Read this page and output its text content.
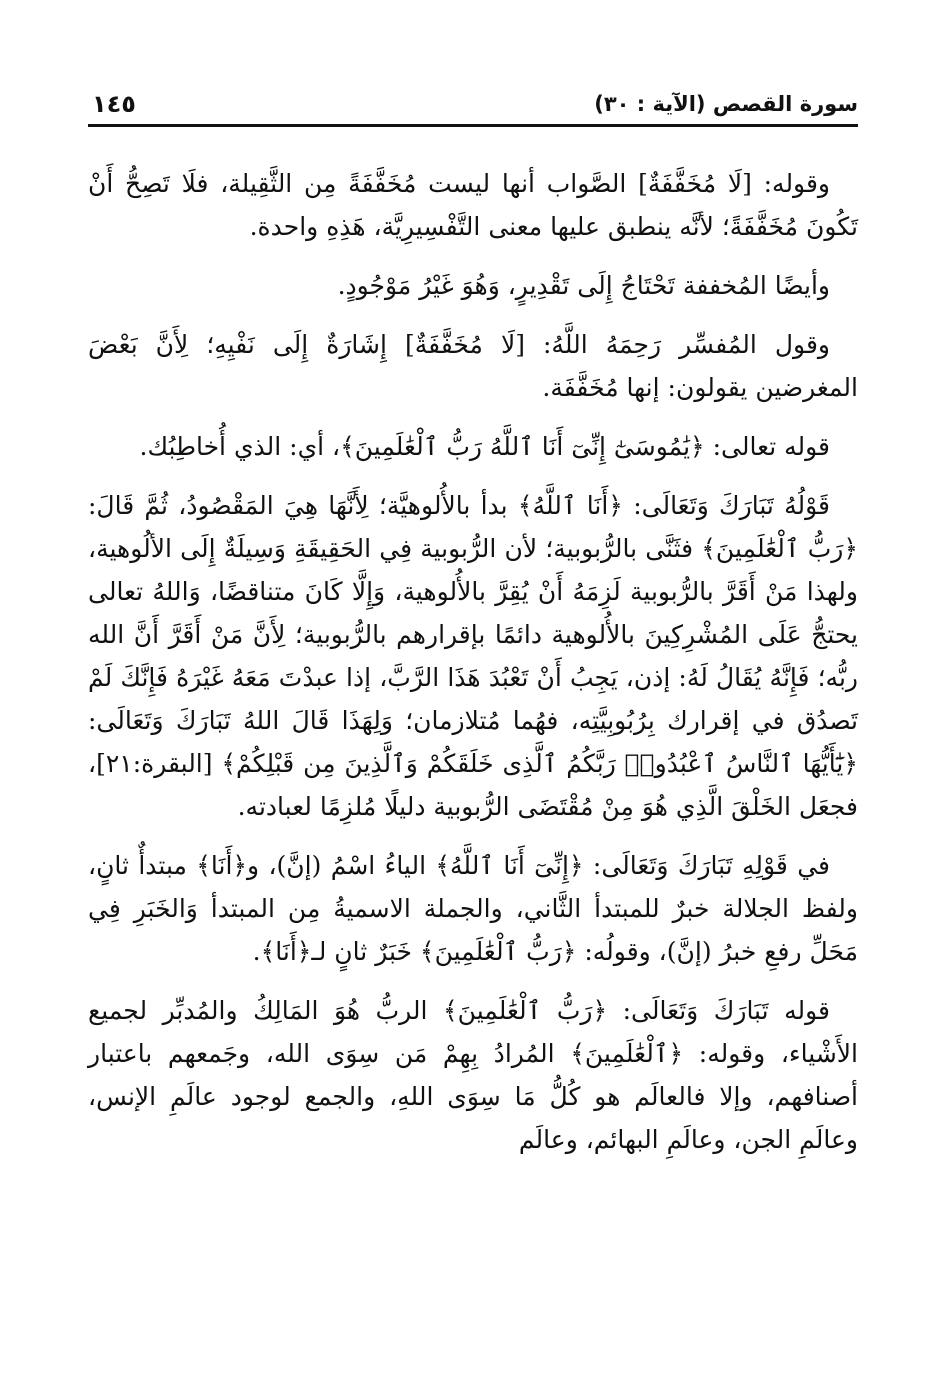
سورة القصص (الآية : ٣٠)
١٤٥

وقوله: [لَا مُخَفَّفَةٌ] الصَّواب أنها ليست مُخَفَّفَةً مِن الثَّقِيلة، فلَا تَصِحُّ أَنْ تَكُونَ مُخَفَّفَةً؛ لأنَّه ينطبق عليها معنى التَّفْسِيرِيَّة، هَذِهِ واحدة.

وأيضًا المُخففة تَحْتَاجُ إِلَى تَقْدِيرٍ، وَهُوَ غَيْرُ مَوْجُودٍ.

وقول المُفسِّر رَحِمَهُ اللَّهُ: [لَا مُخَفَّفَةٌ] إِشَارَةٌ إِلَى نَفْيِهِ؛ لِأَنَّ بَعْضَ المغرضين يقولون: إنها مُخَفَّفَة.

قوله تعالى: ﴿يَٰمُوسَىٰٓ إِنِّىٓ أَنَا ٱللَّهُ رَبُّ ٱلْعَٰلَمِينَ﴾، أي: الذي أُخاطِبُك.

قَوْلُهُ تَبَارَكَ وَتَعَالَى: ﴿أَنَا ٱللَّهُ﴾ بدأ بالأُلوهيَّة؛ لِأَنَّهَا هِيَ المَقْصُودُ، ثُمَّ قَالَ: ﴿رَبُّ ٱلْعَٰلَمِينَ﴾ فثَنَّى بالرُّبوبية؛ لأن الرُّبوبية فِي الحَقِيقَةِ وَسِيلَةٌ إِلَى الألُوهية، ولهذا مَنْ أَقَرَّ بالرُّبوبية لَزِمَهُ أَنْ يُقِرَّ بالأُلوهية، وَإِلَّا كَانَ متناقضًا، وَاللهُ تعالى يحتجُّ عَلَى المُشْرِكِينَ بالأُلوهية دائمًا بإقرارهم بالرُّبوبية؛ لِأَنَّ مَنْ أَقَرَّ أَنَّ الله ربُّه؛ فَإِنَّهُ يُقَالُ لَهُ: إذن، يَجِبُ أَنْ تَعْبُدَ هَذَا الرَّبَّ، إذا عبدْتَ مَعَهُ غَيْرَهُ فَإِنَّكَ لَمْ تَصدُق في إقرارك بِرُبُوبِيَّتِه، فهُما مُتلازمان؛ وَلِهَذَا قَالَ اللهُ تَبَارَكَ وَتَعَالَى: ﴿يَٰٓأَيُّهَا ٱلنَّاسُ ٱعْبُدُوا۟ رَبَّكُمُ ٱلَّذِى خَلَقَكُمْ وَٱلَّذِينَ مِن قَبْلِكُمْ﴾ [البقرة:٢١]، فجعَل الخَلْقَ الَّذِي هُوَ مِنْ مُقْتَضَى الرُّبوبية دليلًا مُلزِمًا لعبادته.

في قَوْلِهِ تَبَارَكَ وَتَعَالَى: ﴿إِنِّىٓ أَنَا ٱللَّهُ﴾ الياءُ اسْمُ (إنَّ)، و﴿أَنَا﴾ مبتدأٌ ثانٍ، ولفظ الجلالة خبرٌ للمبتدأ الثَّاني، والجملة الاسميةُ مِن المبتدأ وَالخَبَرِ فِي مَحَلِّ رفعِ خبرُ (إنَّ)، وقولُه: ﴿رَبُّ ٱلْعَٰلَمِينَ﴾ خَبَرٌ ثانٍ لـ﴿أَنَا﴾.

قوله تَبَارَكَ وَتَعَالَى: ﴿رَبُّ ٱلْعَٰلَمِينَ﴾ الربُّ هُوَ المَالِكُ والمُدبِّر لجميع الأَشْياء، وقوله: ﴿ٱلْعَٰلَمِينَ﴾ المُرادُ بِهِمْ مَن سِوَى الله، وجَمعهم باعتبار أصنافهم، وإلا فالعالَم هو كُلُّ مَا سِوَى اللهِ، والجمع لوجود عالَمِ الإنس، وعالَمِ الجن، وعالَمِ البهائم، وعالَم
